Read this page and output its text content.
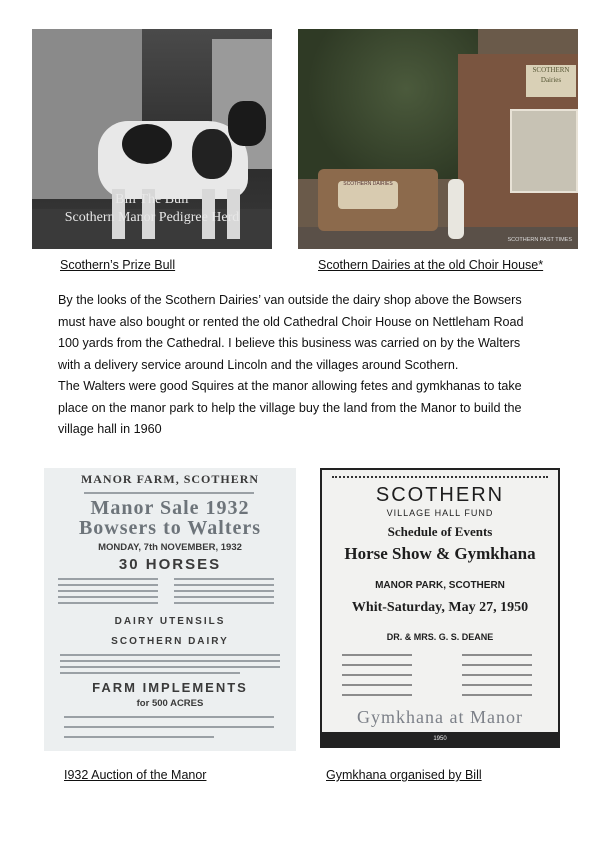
Bill The Bull
Scothern Manor Pedigree Herd
Scothern’s Prize Bull
SCOTHERN Dairies
SCOTHERN DAIRIES
SCOTHERN PAST TIMES
Scothern Dairies at the old Choir House*

By the looks of the Scothern Dairies’ van outside the dairy shop above the Bowsers must have also bought or rented the old Cathedral Choir House on Nettleham Road 100 yards from the Cathedral. I believe this business was carried on by the Walters with a delivery service around Lincoln and the villages around Scothern.

The Walters were good Squires at the manor allowing fetes and gymkhanas to take place on the manor park to help the village buy the land from the Manor to build the village hall in 1960

MANOR FARM, SCOTHERN
Manor Sale 1932
Bowsers to Walters
MONDAY, 7th NOVEMBER, 1932
30 HORSES
DAIRY UTENSILS
SCOTHERN DAIRY
FARM IMPLEMENTS
for 500 ACRES
I932 Auction of the Manor
SCOTHERN
VILLAGE HALL FUND
Schedule of Events
Horse Show & Gymkhana
MANOR PARK, SCOTHERN
Whit-Saturday, May 27, 1950
DR. & MRS. G. S. DEANE
Gymkhana at Manor
1950
Gymkhana organised by Bill
